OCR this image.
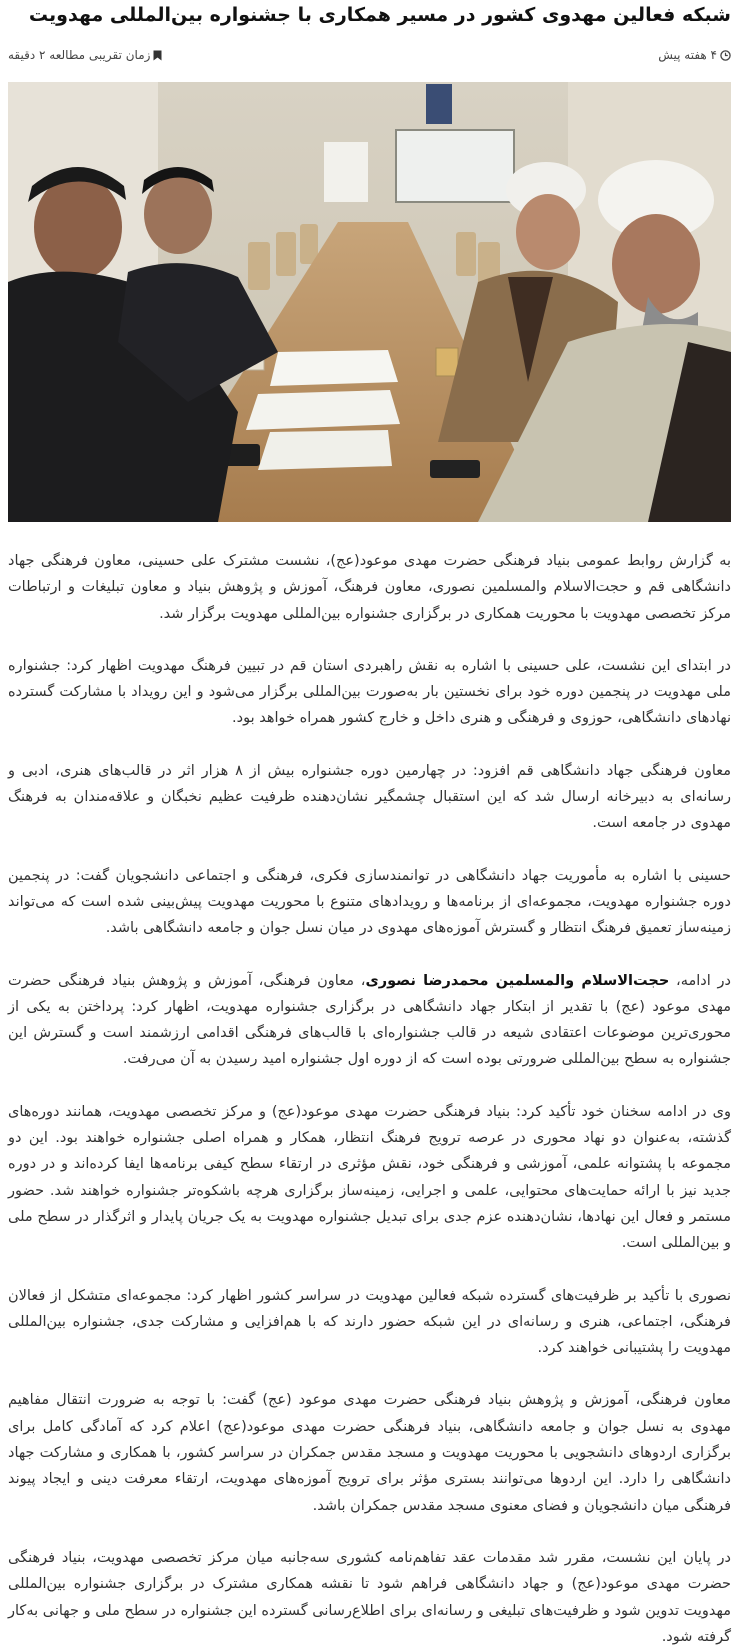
شبکه فعالین مهدوی کشور در مسیر همکاری با جشنواره بین‌المللی مهدویت
۴ هفته پیش
زمان تقریبی مطالعه ۲ دقیقه

به گزارش روابط عمومی بنیاد فرهنگی حضرت مهدی موعود(عج)، نشست مشترک علی حسینی، معاون فرهنگی جهاد دانشگاهی قم و حجت‌الاسلام والمسلمین نصوری، معاون فرهنگ، آموزش و پژوهش بنیاد و معاون تبلیغات و ارتباطات مرکز تخصصی مهدویت با محوریت همکاری در برگزاری جشنواره بین‌المللی مهدویت برگزار شد.

در ابتدای این نشست، علی حسینی با اشاره به نقش راهبردی استان قم در تبیین فرهنگ مهدویت اظهار کرد: جشنواره ملی مهدویت در پنجمین دوره خود برای نخستین بار به‌صورت بین‌المللی برگزار می‌شود و این رویداد با مشارکت گسترده نهادهای دانشگاهی، حوزوی و فرهنگی و هنری داخل و خارج کشور همراه خواهد بود.

معاون فرهنگی جهاد دانشگاهی قم افزود: در چهارمین دوره جشنواره بیش از ۸ هزار اثر در قالب‌های هنری، ادبی و رسانه‌ای به دبیرخانه ارسال شد که این استقبال چشمگیر نشان‌دهنده ظرفیت عظیم نخبگان و علاقه‌مندان به فرهنگ مهدوی در جامعه است.

حسینی با اشاره به مأموریت جهاد دانشگاهی در توانمندسازی فکری، فرهنگی و اجتماعی دانشجویان گفت: در پنجمین دوره جشنواره مهدویت، مجموعه‌ای از برنامه‌ها و رویدادهای متنوع با محوریت مهدویت پیش‌بینی شده است که می‌تواند زمینه‌ساز تعمیق فرهنگ انتظار و گسترش آموزه‌های مهدوی در میان نسل جوان و جامعه دانشگاهی باشد.

در ادامه، حجت‌الاسلام والمسلمین محمدرضا نصوری، معاون فرهنگی، آموزش و پژوهش بنیاد فرهنگی حضرت مهدی موعود (عج) با تقدیر از ابتکار جهاد دانشگاهی در برگزاری جشنواره مهدویت، اظهار کرد: پرداختن به یکی از محوری‌ترین موضوعات اعتقادی شیعه در قالب جشنواره‌ای با قالب‌های فرهنگی اقدامی ارزشمند است و گسترش این جشنواره به سطح بین‌المللی ضرورتی بوده است که از دوره اول جشنواره امید رسیدن به آن می‌رفت.

وی در ادامه سخنان خود تأکید کرد: بنیاد فرهنگی حضرت مهدی موعود(عج) و مرکز تخصصی مهدویت، همانند دوره‌های گذشته، به‌عنوان دو نهاد محوری در عرصه ترویج فرهنگ انتظار، همکار و همراه اصلی جشنواره خواهند بود. این دو مجموعه با پشتوانه علمی، آموزشی و فرهنگی خود، نقش مؤثری در ارتقاء سطح کیفی برنامه‌ها ایفا کرده‌اند و در دوره جدید نیز با ارائه حمایت‌های محتوایی، علمی و اجرایی، زمینه‌ساز برگزاری هرچه باشکوه‌تر جشنواره خواهند شد. حضور مستمر و فعال این نهادها، نشان‌دهنده عزم جدی برای تبدیل جشنواره مهدویت به یک جریان پایدار و اثرگذار در سطح ملی و بین‌المللی است.

نصوری با تأکید بر ظرفیت‌های گسترده شبکه فعالین مهدویت در سراسر کشور اظهار کرد: مجموعه‌ای متشکل از فعالان فرهنگی، اجتماعی، هنری و رسانه‌ای در این شبکه حضور دارند که با هم‌افزایی و مشارکت جدی، جشنواره بین‌المللی مهدویت را پشتیبانی خواهند کرد.

معاون فرهنگی، آموزش و پژوهش بنیاد فرهنگی حضرت مهدی موعود (عج) گفت: با توجه به ضرورت انتقال مفاهیم مهدوی به نسل جوان و جامعه دانشگاهی، بنیاد فرهنگی حضرت مهدی موعود(عج) اعلام کرد که آمادگی کامل برای برگزاری اردوهای دانشجویی با محوریت مهدویت و مسجد مقدس جمکران در سراسر کشور، با همکاری و مشارکت جهاد دانشگاهی را دارد. این اردوها می‌توانند بستری مؤثر برای ترویج آموزه‌های مهدویت، ارتقاء معرفت دینی و ایجاد پیوند فرهنگی میان دانشجویان و فضای معنوی مسجد مقدس جمکران باشد.

در پایان این نشست، مقرر شد مقدمات عقد تفاهم‌نامه کشوری سه‌جانبه میان مرکز تخصصی مهدویت، بنیاد فرهنگی حضرت مهدی موعود(عج) و جهاد دانشگاهی فراهم شود تا نقشه همکاری مشترک در برگزاری جشنواره بین‌المللی مهدویت تدوین شود و ظرفیت‌های تبلیغی و رسانه‌ای برای اطلاع‌رسانی گسترده این جشنواره در سطح ملی و جهانی به‌کار گرفته شود.
